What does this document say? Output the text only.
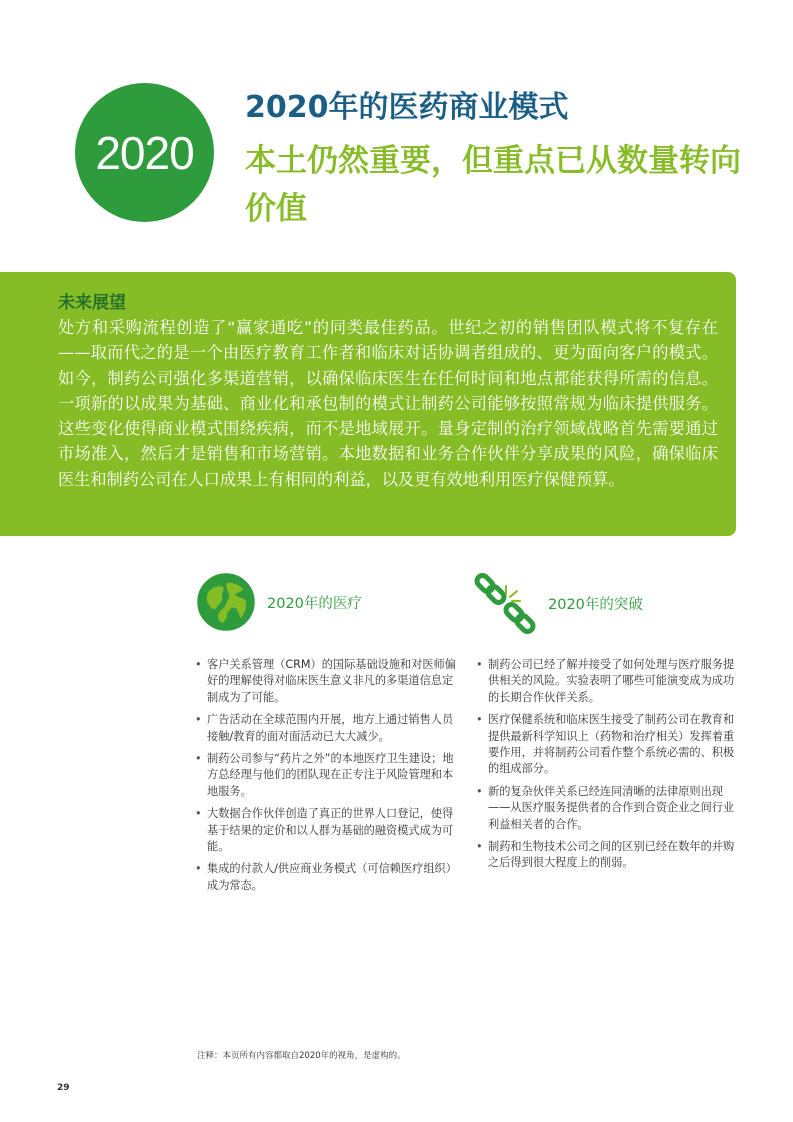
2020
2020年的医药商业模式
本土仍然重要，但重点已从数量转向价值
未来展望
处方和采购流程创造了“赢家通吃”的同类最佳药品。世纪之初的销售团队模式将不复存在——取而代之的是一个由医疗教育工作者和临床对话协调者组成的、更为面向客户的模式。如今，制药公司强化多渠道营销，以确保临床医生在任何时间和地点都能获得所需的信息。一项新的以成果为基础、商业化和承包制的模式让制药公司能够按照常规为临床提供服务。这些变化使得商业模式围绕疾病，而不是地域展开。量身定制的治疗领域战略首先需要通过市场准入，然后才是销售和市场营销。本地数据和业务合作伙伴分享成果的风险，确保临床医生和制药公司在人口成果上有相同的利益，以及更有效地利用医疗保健预算。
2020年的医疗	2020年的突破
• 客户关系管理（CRM）的国际基础设施和对医师偏好的理解使得对临床医生意义非凡的多渠道信息定制成为了可能。
• 广告活动在全球范围内开展，地方上通过销售人员接触/教育的面对面活动已大大减少。
• 制药公司参与“药片之外”的本地医疗卫生建设；地方总经理与他们的团队现在正专注于风险管理和本地服务。
• 大数据合作伙伴创造了真正的世界人口登记，使得基于结果的定价和以人群为基础的融资模式成为可能。
• 集成的付款人/供应商业务模式（可信赖医疗组织）成为常态。
• 制药公司已经了解并接受了如何处理与医疗服务提供相关的风险。实验表明了哪些可能演变成为成功的长期合作伙伴关系。
• 医疗保健系统和临床医生接受了制药公司在教育和提供最新科学知识上（药物和治疗相关）发挥着重要作用，并将制药公司看作整个系统必需的、积极的组成部分。
• 新的复杂伙伴关系已经连同清晰的法律原则出现——从医疗服务提供者的合作到合资企业之间行业利益相关者的合作。
• 制药和生物技术公司之间的区别已经在数年的并购之后得到很大程度上的削弱。
注释：本页所有内容都取自2020年的视角，是虚构的。
29
